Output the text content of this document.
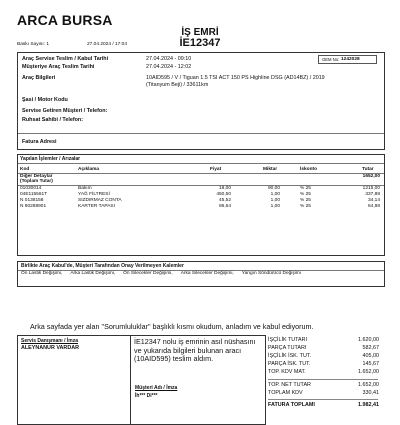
ARCA BURSA
İŞ EMRİ
İE12347
Baskı Sayısı: 1	27.04.2024 / 17:04
Araç Servise Teslim / Kabul Tarihi	27.04.2024 - 09:10
Müşteriye Araç Teslim Tarihi	27.04.2024 - 12:02
Araç Bilgileri	10AID595 / V / Tiguan 1.5 TSI ACT 150 PS Highline DSG (AD14BZ) / 2019
(Titanyum Beji) / 33611km
Şasi / Motor Kodu
Servise Getiren Müşteri / Telefon:
Ruhsat Sahibi / Telefon:
Fatura Adresi
OEM No: 1242028
Yapılan İşlemler / Arızalar
Kod	Açıklama	Fiyat	Miktar	İskonto	Tutar
Diğer Detaylar	1652,00
(Toplam Tutar)
01030014	Bakım	18,00	90,00	% 25	1215,00
04E115561T	YAĞ FİLTRESİ	450,50	1,00	% 25	337,88
N 0138158	SIZDIRMAZ CONTA	45,52	1,00	% 25	34,14
N 90288901	KARTER TAPASI	86,64	1,00	% 25	64,98
Birlikte Araç Kabul'de, Müşteri Tarafından Onay Verilmeyen Kalemler
Ön Lastik Değişimi, Arka Lastik Değişimi, Ön Silecekler Değişimi, Arka Silecekler Değişimi, Yangın Söndürücü Değişimi
Arka sayfada yer alan "Sorumluluklar" başlıklı kısmı okudum, anladım ve kabul ediyorum.
Servis Danışmanı / İmza
ALEYNANUR VARDAR
İE12347 nolu iş emrinin asıl nüshasını ve yukarıda bilgileri bulunan aracı (10AID595) teslim aldım.
Müşteri Adı / İmza
İh*** Di***
İŞÇİLİK TUTARI	1.620,00
PARÇA TUTARI	582,67
İŞÇİLİK İSK. TUT.	405,00
PARÇA İSK. TUT.	145,67
TOP. KDV MAT.	1.652,00
TOP. NET TUTAR	1.652,00
TOPLAM KDV	330,41
FATURA TOPLAMI	1.982,41
